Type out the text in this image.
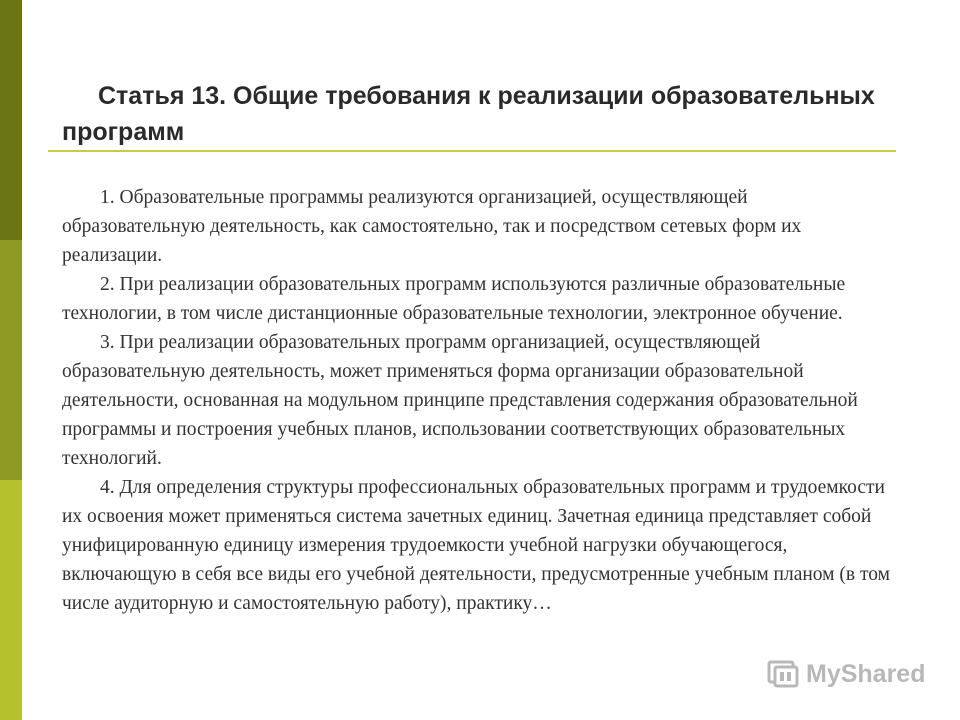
Статья 13. Общие требования к реализации образовательных программ

1. Образовательные программы реализуются организацией, осуществляющей образовательную деятельность, как самостоятельно, так и посредством сетевых форм их реализации.

2. При реализации образовательных программ используются различные образовательные технологии, в том числе дистанционные образовательные технологии, электронное обучение.

3. При реализации образовательных программ организацией, осуществляющей образовательную деятельность, может применяться форма организации образовательной деятельности, основанная на модульном принципе представления содержания образовательной программы и построения учебных планов, использовании соответствующих образовательных технологий.

4. Для определения структуры профессиональных образовательных программ и трудоемкости их освоения может применяться система зачетных единиц. Зачетная единица представляет собой унифицированную единицу измерения трудоемкости учебной нагрузки обучающегося, включающую в себя все виды его учебной деятельности, предусмотренные учебным планом (в том числе аудиторную и самостоятельную работу), практику…

MyShared
